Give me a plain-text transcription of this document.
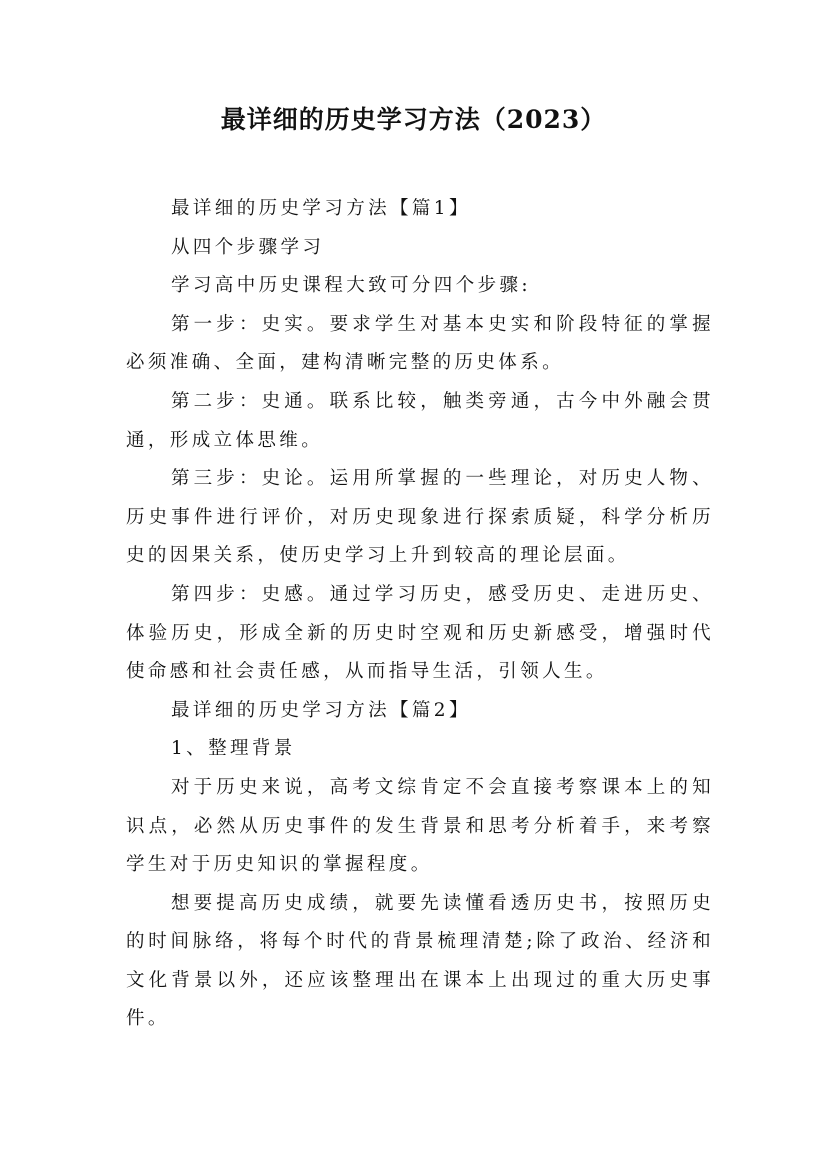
最详细的历史学习方法（2023）

最详细的历史学习方法【篇1】

从四个步骤学习

学习高中历史课程大致可分四个步骤:

第一步：史实。要求学生对基本史实和阶段特征的掌握必须准确、全面，建构清晰完整的历史体系。

第二步：史通。联系比较，触类旁通，古今中外融会贯通，形成立体思维。

第三步：史论。运用所掌握的一些理论，对历史人物、历史事件进行评价，对历史现象进行探索质疑，科学分析历史的因果关系，使历史学习上升到较高的理论层面。

第四步：史感。通过学习历史，感受历史、走进历史、体验历史，形成全新的历史时空观和历史新感受，增强时代使命感和社会责任感，从而指导生活，引领人生。

最详细的历史学习方法【篇2】

1、整理背景

对于历史来说，高考文综肯定不会直接考察课本上的知识点，必然从历史事件的发生背景和思考分析着手，来考察学生对于历史知识的掌握程度。

想要提高历史成绩，就要先读懂看透历史书，按照历史的时间脉络，将每个时代的背景梳理清楚;除了政治、经济和文化背景以外，还应该整理出在课本上出现过的重大历史事件。
